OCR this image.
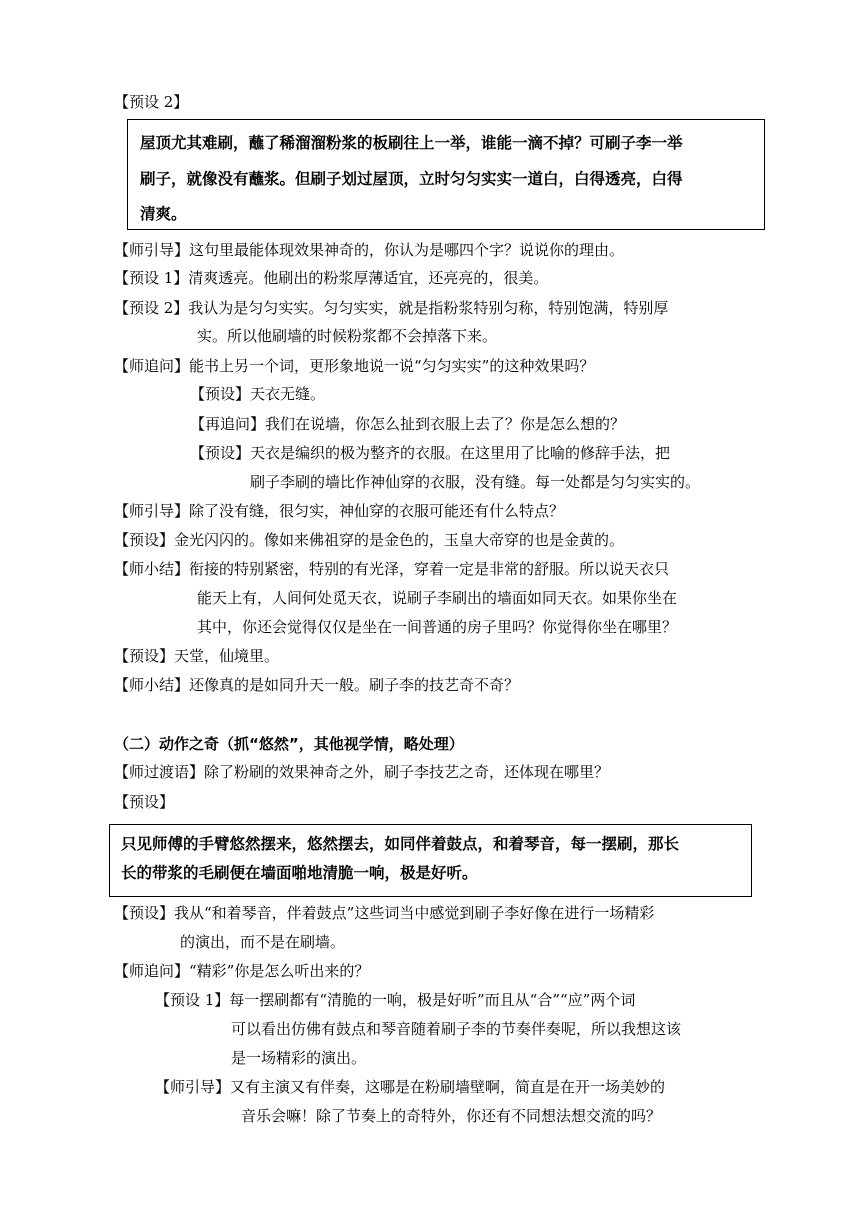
【预设 2】
屋顶尤其难刷，蘸了稀溜溜粉浆的板刷往上一举，谁能一滴不掉？可刷子李一举
刷子，就像没有蘸浆。但刷子划过屋顶，立时匀匀实实一道白，白得透亮，白得
清爽。
【师引导】这句里最能体现效果神奇的，你认为是哪四个字？说说你的理由。
【预设 1】清爽透亮。他刷出的粉浆厚薄适宜，还亮亮的，很美。
【预设 2】我认为是匀匀实实。匀匀实实，就是指粉浆特别匀称，特别饱满，特别厚
实。所以他刷墙的时候粉浆都不会掉落下来。
【师追问】能书上另一个词，更形象地说一说“匀匀实实”的这种效果吗？
【预设】天衣无缝。
【再追问】我们在说墙，你怎么扯到衣服上去了？你是怎么想的？
【预设】天衣是编织的极为整齐的衣服。在这里用了比喻的修辞手法，把
刷子李刷的墙比作神仙穿的衣服，没有缝。每一处都是匀匀实实的。
【师引导】除了没有缝，很匀实，神仙穿的衣服可能还有什么特点？
【预设】金光闪闪的。像如来佛祖穿的是金色的，玉皇大帝穿的也是金黄的。
【师小结】衔接的特别紧密，特别的有光泽，穿着一定是非常的舒服。所以说天衣只
能天上有，人间何处觅天衣，说刷子李刷出的墙面如同天衣。如果你坐在
其中，你还会觉得仅仅是坐在一间普通的房子里吗？你觉得你坐在哪里？
【预设】天堂，仙境里。
【师小结】还像真的是如同升天一般。刷子李的技艺奇不奇？
（二）动作之奇（抓“悠然”，其他视学情，略处理）
【师过渡语】除了粉刷的效果神奇之外，刷子李技艺之奇，还体现在哪里？
【预设】
只见师傅的手臂悠然摆来，悠然摆去，如同伴着鼓点，和着琴音，每一摆刷，那长
长的带浆的毛刷便在墙面啪地清脆一响，极是好听。
【预设】我从“和着琴音，伴着鼓点”这些词当中感觉到刷子李好像在进行一场精彩
的演出，而不是在刷墙。
【师追问】“精彩”你是怎么听出来的？
【预设 1】每一摆刷都有“清脆的一响，极是好听”而且从“合”“应”两个词
可以看出仿佛有鼓点和琴音随着刷子李的节奏伴奏呢，所以我想这该
是一场精彩的演出。
【师引导】又有主演又有伴奏，这哪是在粉刷墙壁啊，简直是在开一场美妙的
音乐会嘛！除了节奏上的奇特外，你还有不同想法想交流的吗？
